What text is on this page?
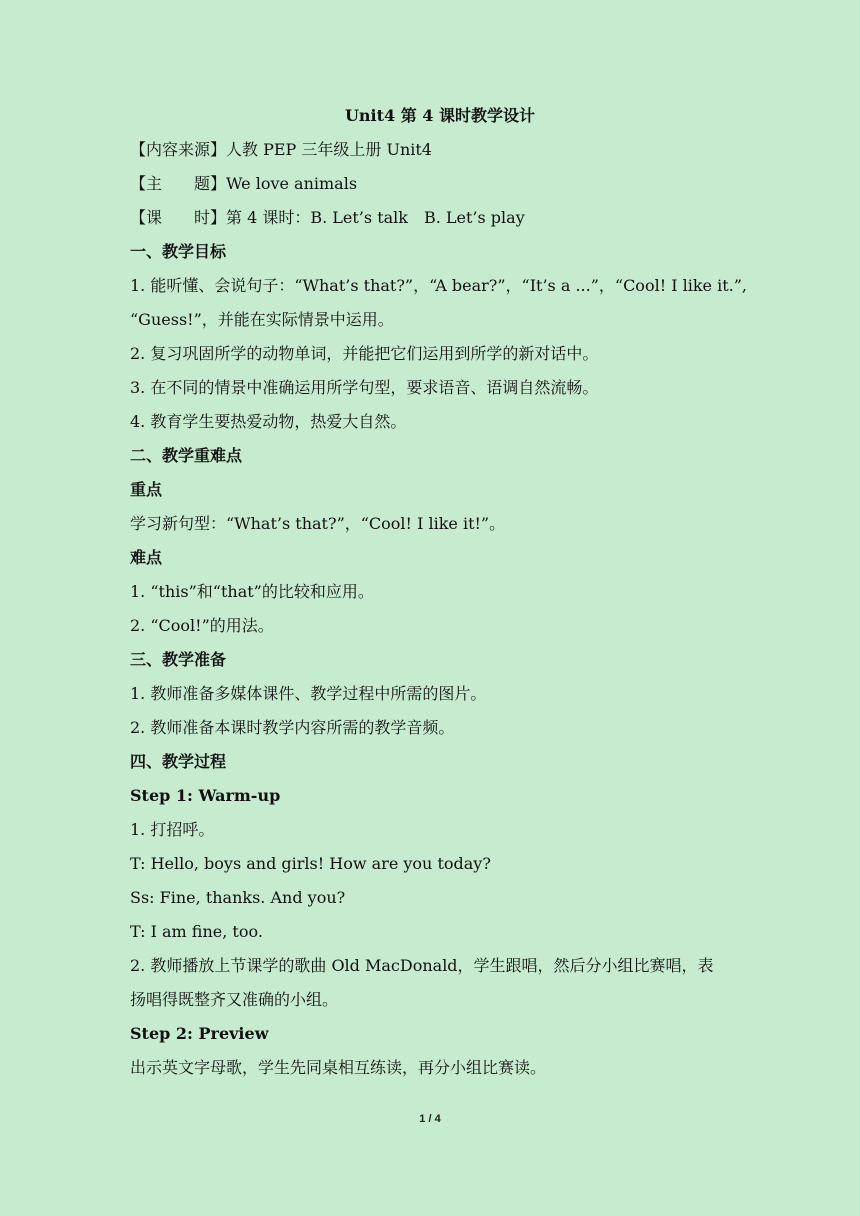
Unit4 第 4 课时教学设计
【内容来源】人教 PEP 三年级上册 Unit4
【主　　题】We love animals
【课　　时】第 4 课时：B. Let’s talk　B. Let’s play
一、教学目标
1. 能听懂、会说句子：“What’s that?”，“A bear?”，“It’s a ...”，“Cool! I like it.”,
“Guess!”，并能在实际情景中运用。
2. 复习巩固所学的动物单词，并能把它们运用到所学的新对话中。
3. 在不同的情景中准确运用所学句型，要求语音、语调自然流畅。
4. 教育学生要热爱动物，热爱大自然。
二、教学重难点
重点
学习新句型：“What’s that?”，“Cool! I like it!”。
难点
1. “this”和“that”的比较和应用。
2. “Cool!”的用法。
三、教学准备
1. 教师准备多媒体课件、教学过程中所需的图片。
2. 教师准备本课时教学内容所需的教学音频。
四、教学过程
Step 1: Warm-up
1. 打招呼。
T: Hello, boys and girls! How are you today?
Ss: Fine, thanks. And you?
T: I am fine, too.
2. 教师播放上节课学的歌曲 Old MacDonald，学生跟唱，然后分小组比赛唱，表
扬唱得既整齐又准确的小组。
Step 2: Preview
出示英文字母歌，学生先同桌相互练读，再分小组比赛读。
1 / 4
